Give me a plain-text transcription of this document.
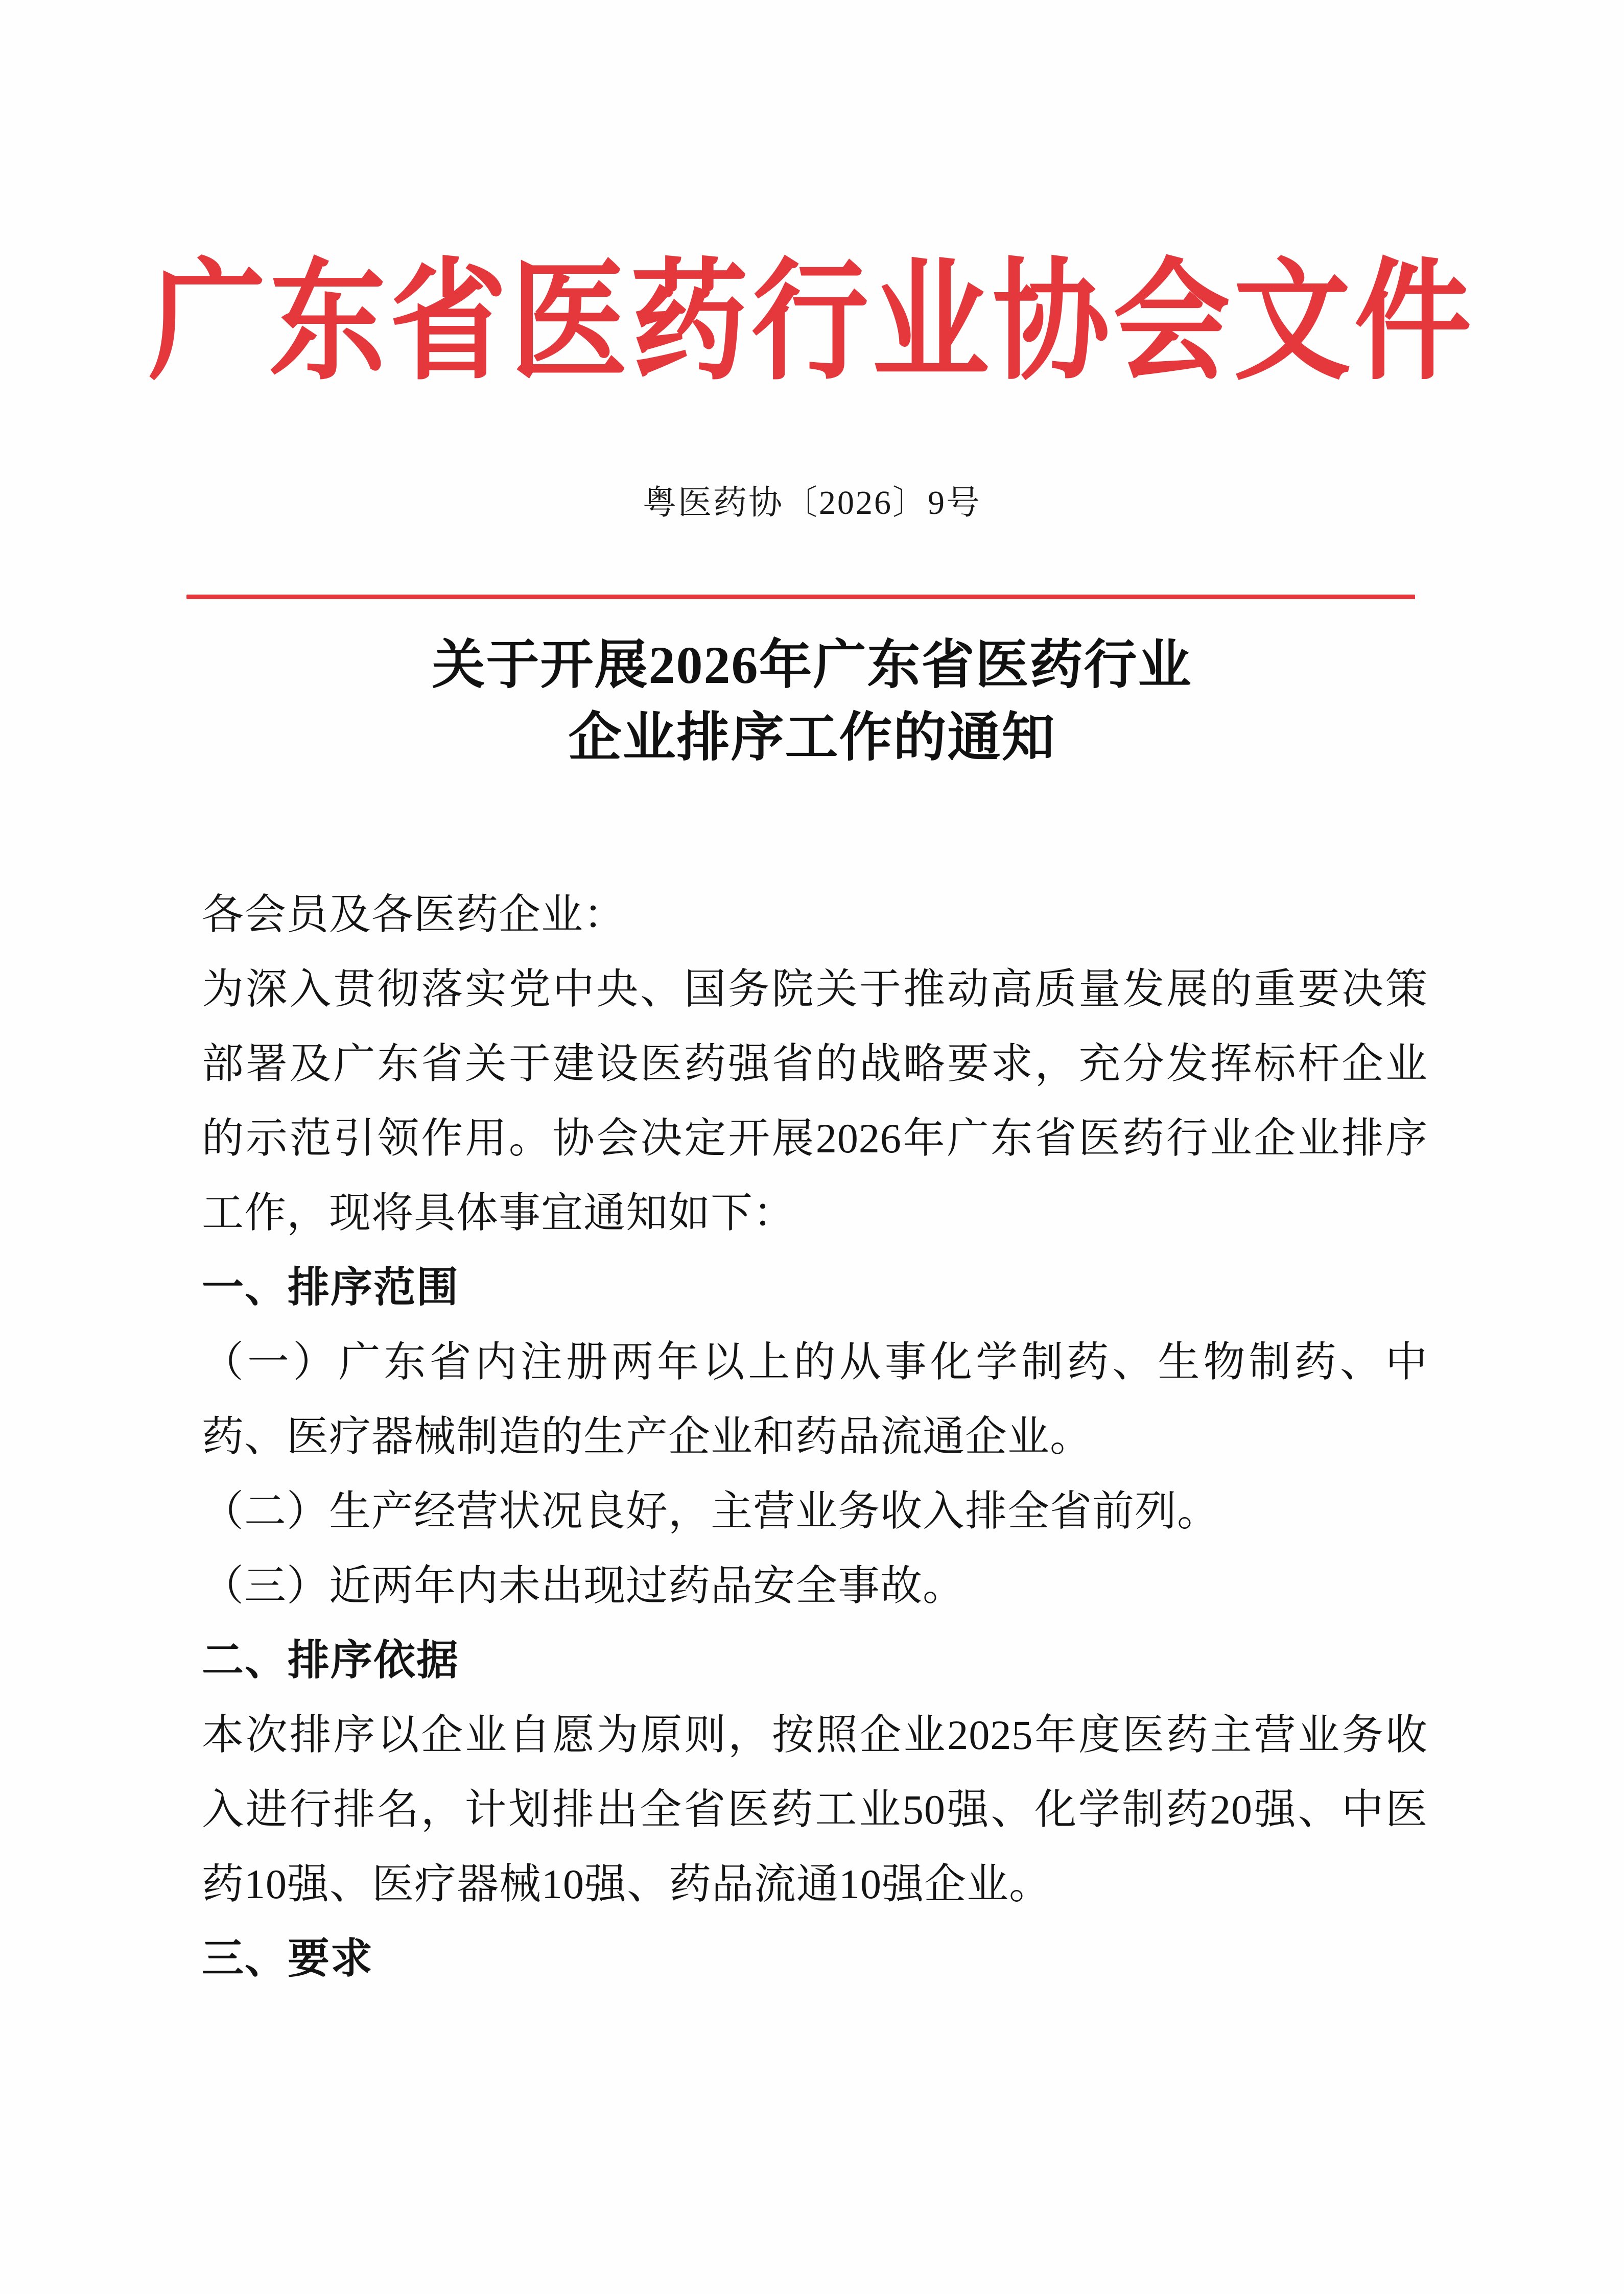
广东省医药行业协会文件
粤医药协〔2026〕9号
关于开展2026年广东省医药行业
企业排序工作的通知

各会员及各医药企业：

为深入贯彻落实党中央、国务院关于推动高质量发展的重要决策部署及广东省关于建设医药强省的战略要求，充分发挥标杆企业的示范引领作用。协会决定开展2026年广东省医药行业企业排序工作，现将具体事宜通知如下：

一、排序范围

（一）广东省内注册两年以上的从事化学制药、生物制药、中药、医疗器械制造的生产企业和药品流通企业。

（二）生产经营状况良好，主营业务收入排全省前列。

（三）近两年内未出现过药品安全事故。

二、排序依据

本次排序以企业自愿为原则，按照企业2025年度医药主营业务收入进行排名，计划排出全省医药工业50强、化学制药20强、中医药10强、医疗器械10强、药品流通10强企业。

三、要求
